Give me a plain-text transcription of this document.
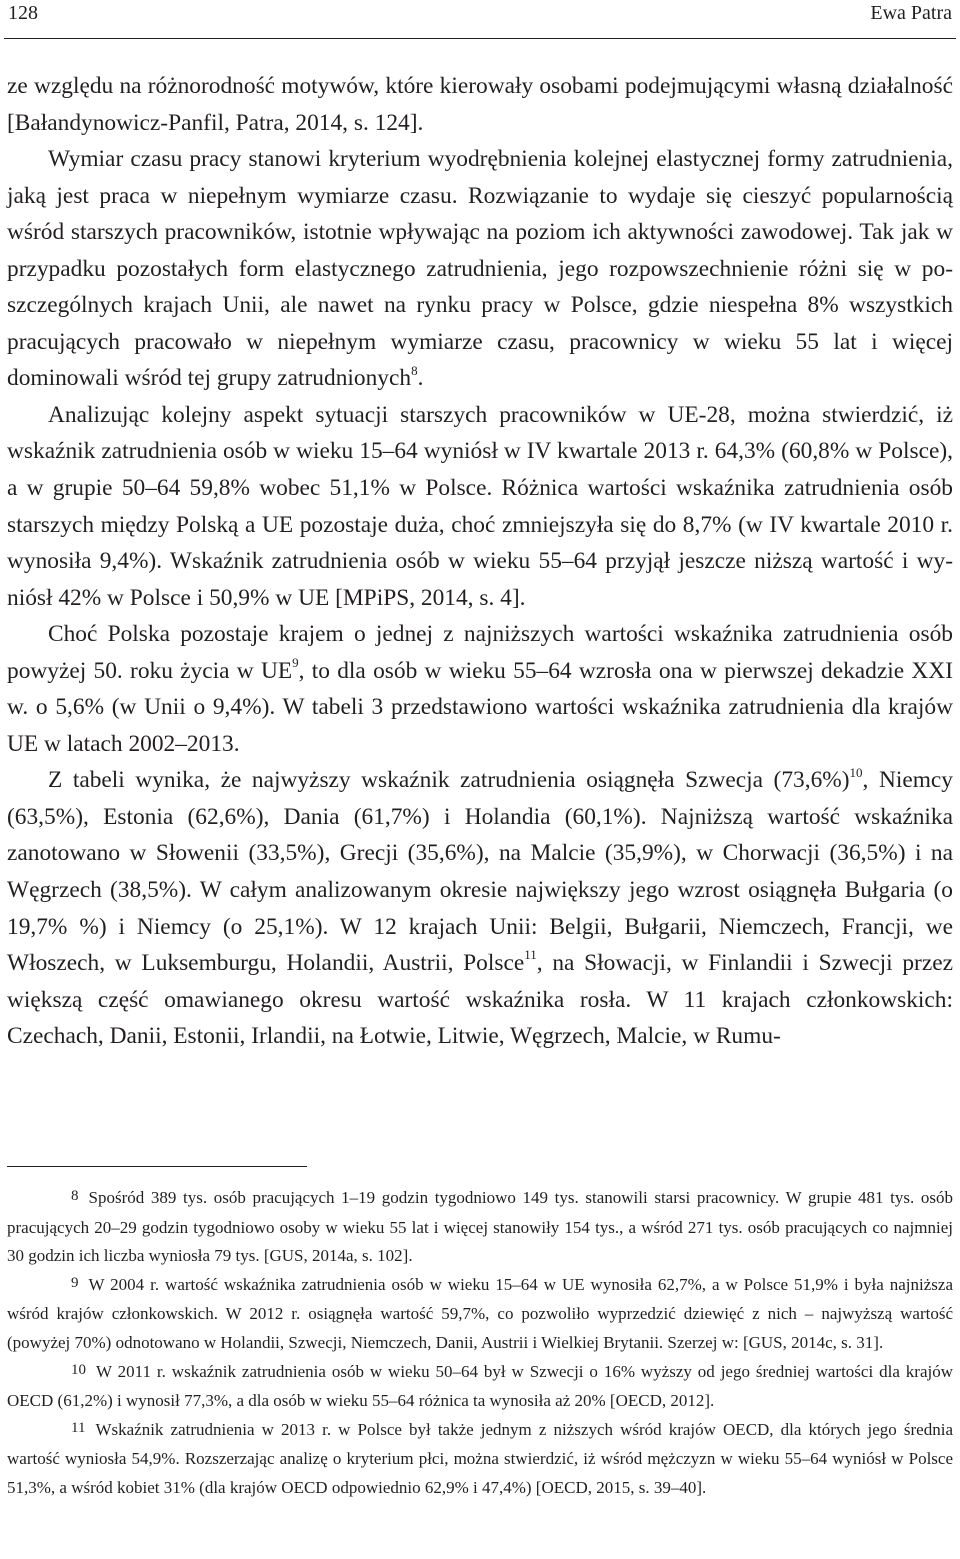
128	Ewa Patra

ze względu na różnorodność motywów, które kierowały osobami podejmującymi własną działalność [Bałandynowicz-Panfil, Patra, 2014, s. 124].

Wymiar czasu pracy stanowi kryterium wyodrębnienia kolejnej elastycznej formy zatrudnienia, jaką jest praca w niepełnym wymiarze czasu. Rozwiązanie to wydaje się cieszyć popularnością wśród starszych pracowników, istotnie wpływając na poziom ich aktywności zawodowej. Tak jak w przypadku pozostałych form elastycznego zatrudnienia, jego rozpowszechnienie różni się w poszczególnych krajach Unii, ale nawet na rynku pracy w Polsce, gdzie niespełna 8% wszystkich pracujących pracowało w niepełnym wymiarze czasu, pracownicy w wieku 55 lat i więcej dominowali wśród tej grupy zatrudnionych$^8$.

Analizując kolejny aspekt sytuacji starszych pracowników w UE-28, można stwierdzić, iż wskaźnik zatrudnienia osób w wieku 15–64 wyniósł w IV kwartale 2013 r. 64,3% (60,8% w Polsce), a w grupie 50–64 59,8% wobec 51,1% w Polsce. Różnica wartości wskaźnika zatrudnienia osób starszych między Polską a UE pozostaje duża, choć zmniejszyła się do 8,7% (w IV kwartale 2010 r. wynosiła 9,4%). Wskaźnik zatrudnienia osób w wieku 55–64 przyjął jeszcze niższą wartość i wyniósł 42% w Polsce i 50,9% w UE [MPiPS, 2014, s. 4].

Choć Polska pozostaje krajem o jednej z najniższych wartości wskaźnika zatrudnienia osób powyżej 50. roku życia w $UE^9$, to dla osób w wieku 55–64 wzrosła ona w pierwszej dekadzie XXI w. o 5,6% (w Unii o 9,4%). W tabeli 3 przedstawiono wartości wskaźnika zatrudnienia dla krajów UE w latach 2002–2013.

Z tabeli wynika, że najwyższy wskaźnik zatrudnienia osiągnęła Szwecja $(73,6\%)^{10}$, Niemcy (63,5%), Estonia (62,6%), Dania (61,7%) i Holandia (60,1%). Najniższą wartość wskaźnika zanotowano w Słowenii (33,5%), Grecji (35,6%), na Malcie (35,9%), w Chorwacji (36,5%) i na Węgrzech (38,5%). W całym analizowanym okresie największy jego wzrost osiągnęła Bułgaria (o 19,7% %) i Niemcy (o 25,1%). W 12 krajach Unii: Belgii, Bułgarii, Niemczech, Francji, we Włoszech, w Luksemburgu, Holandii, Austrii, Polsce$^{11}$, na Słowacji, w Finlandii i Szwecji przez większą część omawianego okresu wartość wskaźnika rosła. W 11 krajach członkowskich: Czechach, Danii, Estonii, Irlandii, na Łotwie, Litwie, Węgrzech, Malcie, w Rumu-

8 Spośród 389 tys. osób pracujących 1–19 godzin tygodniowo 149 tys. stanowili starsi pracownicy. W grupie 481 tys. osób pracujących 20–29 godzin tygodniowo osoby w wieku 55 lat i więcej stanowiły 154 tys., a wśród 271 tys. osób pracujących co najmniej 30 godzin ich liczba wyniosła 79 tys. [GUS, 2014a, s. 102].

9 W 2004 r. wartość wskaźnika zatrudnienia osób w wieku 15–64 w UE wynosiła 62,7%, a w Polsce 51,9% i była najniższa wśród krajów członkowskich. W 2012 r. osiągnęła wartość 59,7%, co pozwoliło wyprzedzić dziewięć z nich – najwyższą wartość (powyżej 70%) odnotowano w Holandii, Szwecji, Niemczech, Danii, Austrii i Wielkiej Brytanii. Szerzej w: [GUS, 2014c, s. 31].

10 W 2011 r. wskaźnik zatrudnienia osób w wieku 50–64 był w Szwecji o 16% wyższy od jego średniej wartości dla krajów OECD (61,2%) i wynosił 77,3%, a dla osób w wieku 55–64 różnica ta wynosiła aż 20% [OECD, 2012].

11 Wskaźnik zatrudnienia w 2013 r. w Polsce był także jednym z niższych wśród krajów OECD, dla których jego średnia wartość wyniosła 54,9%. Rozszerzając analizę o kryterium płci, można stwierdzić, iż wśród mężczyzn w wieku 55–64 wyniósł w Polsce 51,3%, a wśród kobiet 31% (dla krajów OECD odpowiednio 62,9% i 47,4%) [OECD, 2015, s. 39–40].
